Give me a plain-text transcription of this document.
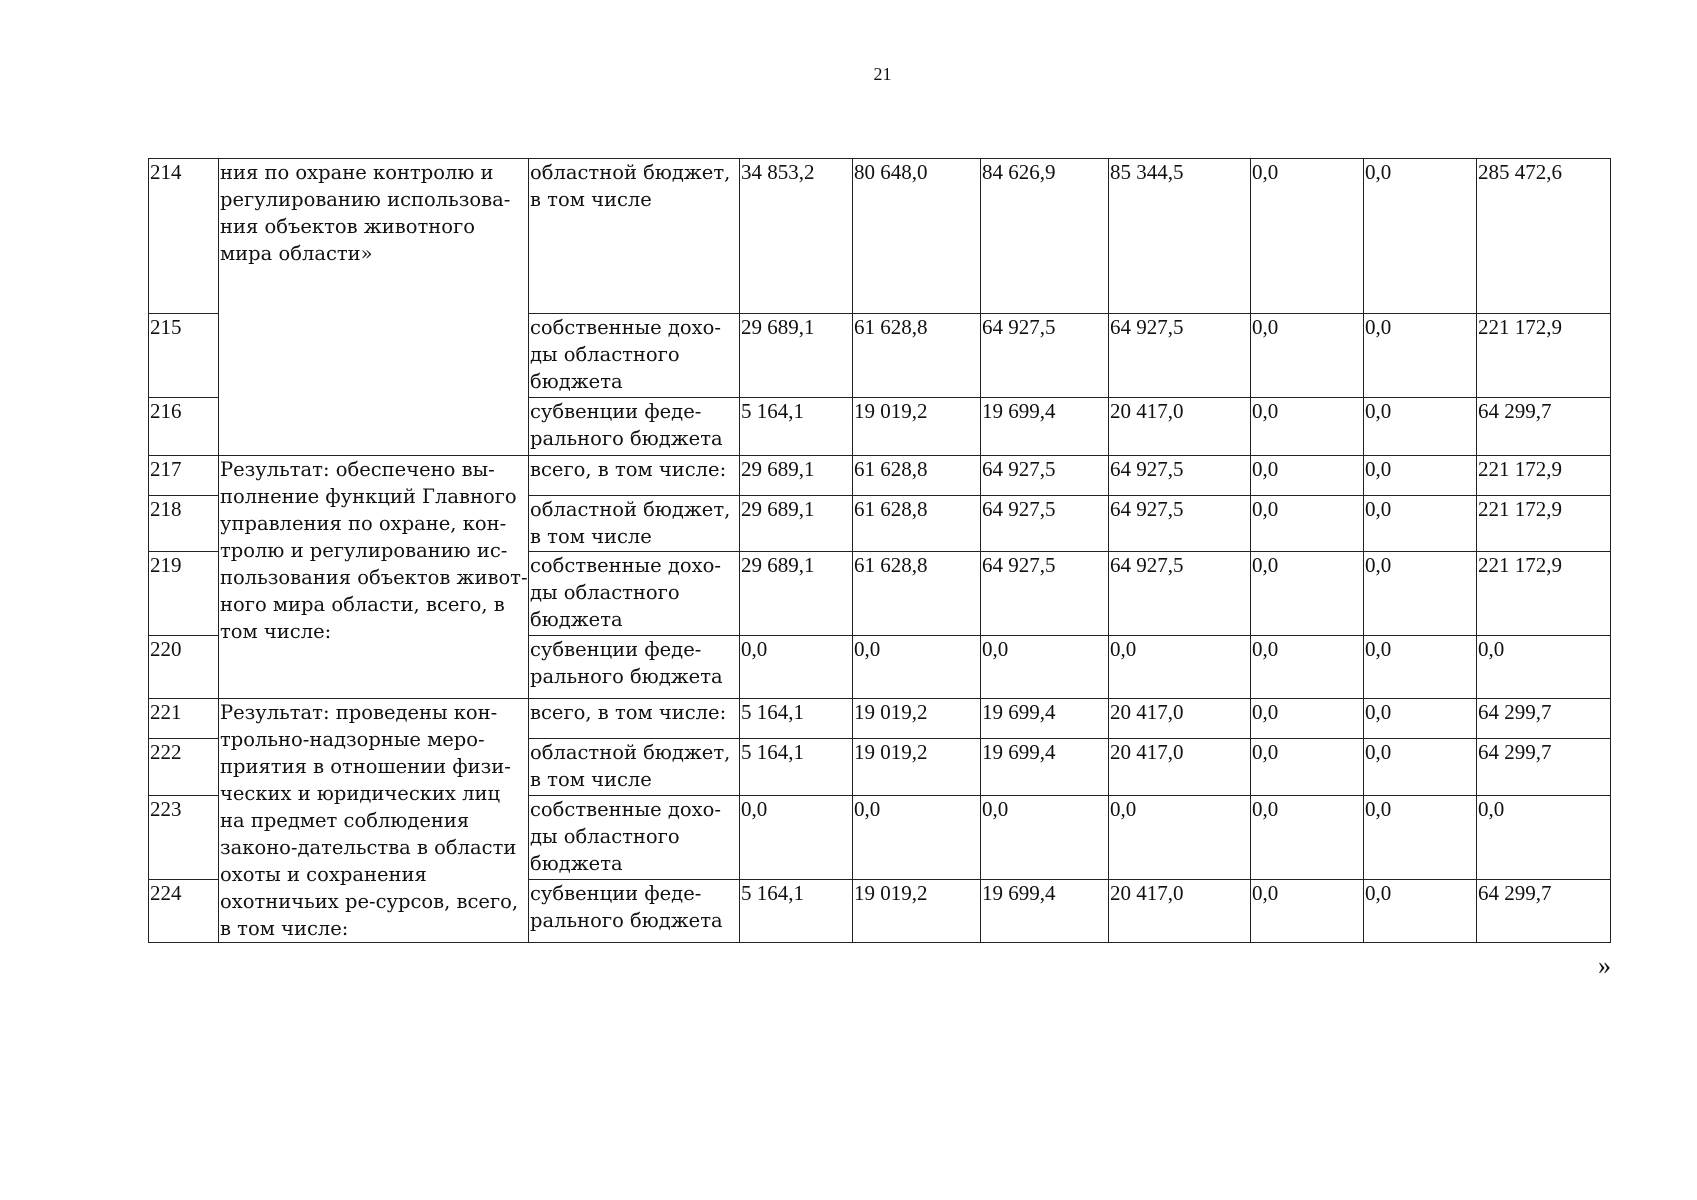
21
214	ния по охране контролю и регулированию использова-ния объектов животного мира области»	областной бюджет, в том числе	34 853,2	80 648,0	84 626,9	85 344,5	0,0	0,0	285 472,6
215		собственные дохо-ды областного бюджета	29 689,1	61 628,8	64 927,5	64 927,5	0,0	0,0	221 172,9
216		субвенции феде-рального бюджета	5 164,1	19 019,2	19 699,4	20 417,0	0,0	0,0	64 299,7
217	Результат: обеспечено вы-полнение функций Главного управления по охране, кон-тролю и регулированию ис-пользования объектов живот-ного мира области, всего, в том числе:	всего, в том числе:	29 689,1	61 628,8	64 927,5	64 927,5	0,0	0,0	221 172,9
218		областной бюджет, в том числе	29 689,1	61 628,8	64 927,5	64 927,5	0,0	0,0	221 172,9
219		собственные дохо-ды областного бюджета	29 689,1	61 628,8	64 927,5	64 927,5	0,0	0,0	221 172,9
220		субвенции феде-рального бюджета	0,0	0,0	0,0	0,0	0,0	0,0	0,0
221	Результат: проведены кон-трольно-надзорные меро-приятия в отношении физи-ческих и юридических лиц на предмет соблюдения законо-дательства в области охоты и сохранения охотничьих ре-сурсов, всего, в том числе:	всего, в том числе:	5 164,1	19 019,2	19 699,4	20 417,0	0,0	0,0	64 299,7
222		областной бюджет, в том числе	5 164,1	19 019,2	19 699,4	20 417,0	0,0	0,0	64 299,7
223		собственные дохо-ды областного бюджета	0,0	0,0	0,0	0,0	0,0	0,0	0,0
224		субвенции феде-рального бюджета	5 164,1	19 019,2	19 699,4	20 417,0	0,0	0,0	64 299,7
»
